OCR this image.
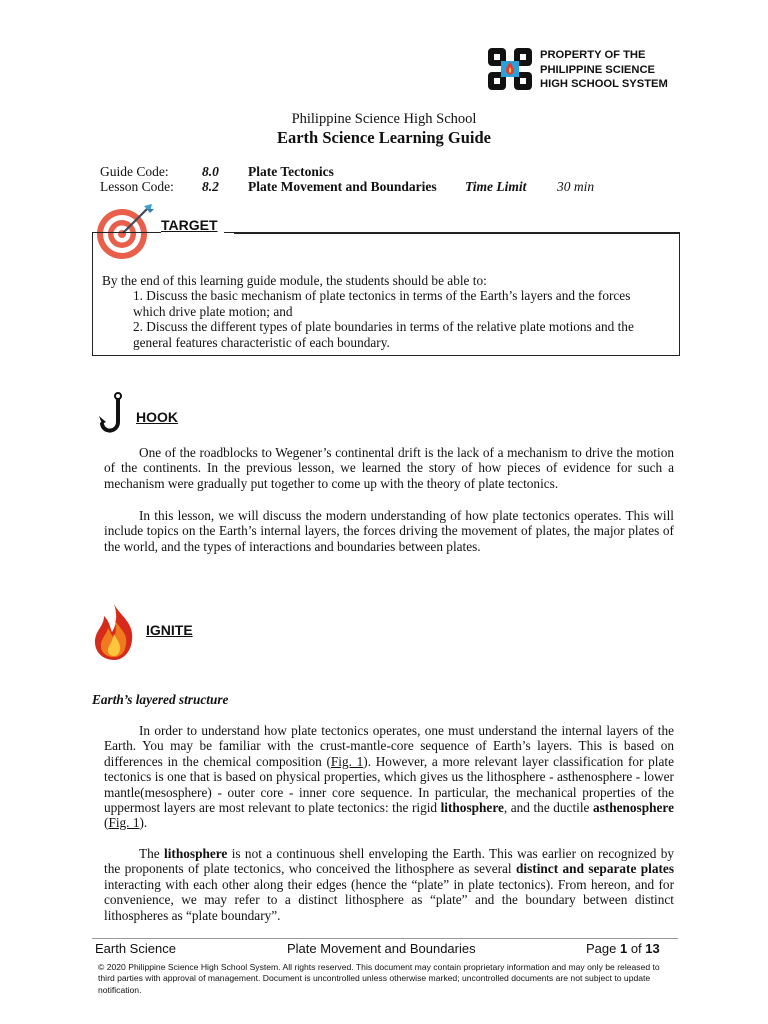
PROPERTY OF THE
PHILIPPINE SCIENCE
HIGH SCHOOL SYSTEM
Philippine Science High School
Earth Science Learning Guide
Guide Code: 8.0 Plate Tectonics
Lesson Code: 8.2 Plate Movement and Boundaries Time Limit 30 min
TARGET
By the end of this learning guide module, the students should be able to:
1. Discuss the basic mechanism of plate tectonics in terms of the Earth’s layers and the forces
which drive plate motion; and
2. Discuss the different types of plate boundaries in terms of the relative plate motions and the
general features characteristic of each boundary.
HOOK
One of the roadblocks to Wegener’s continental drift is the lack of a mechanism to drive the motion of the continents. In the previous lesson, we learned the story of how pieces of evidence for such a mechanism were gradually put together to come up with the theory of plate tectonics.
In this lesson, we will discuss the modern understanding of how plate tectonics operates. This will include topics on the Earth’s internal layers, the forces driving the movement of plates, the major plates of the world, and the types of interactions and boundaries between plates.
IGNITE
Earth’s layered structure
In order to understand how plate tectonics operates, one must understand the internal layers of the Earth. You may be familiar with the crust-mantle-core sequence of Earth’s layers. This is based on differences in the chemical composition (Fig. 1). However, a more relevant layer classification for plate tectonics is one that is based on physical properties, which gives us the lithosphere - asthenosphere - lower mantle(mesosphere) - outer core - inner core sequence. In particular, the mechanical properties of the uppermost layers are most relevant to plate tectonics: the rigid lithosphere, and the ductile asthenosphere (Fig. 1).
The lithosphere is not a continuous shell enveloping the Earth. This was earlier on recognized by the proponents of plate tectonics, who conceived the lithosphere as several distinct and separate plates interacting with each other along their edges (hence the “plate” in plate tectonics). From hereon, and for convenience, we may refer to a distinct lithosphere as “plate” and the boundary between distinct lithospheres as “plate boundary”.
Earth Science	Plate Movement and Boundaries	Page 1 of 13
© 2020 Philippine Science High School System. All rights reserved. This document may contain proprietary information and may only be released to third parties with approval of management. Document is uncontrolled unless otherwise marked; uncontrolled documents are not subject to update notification.
